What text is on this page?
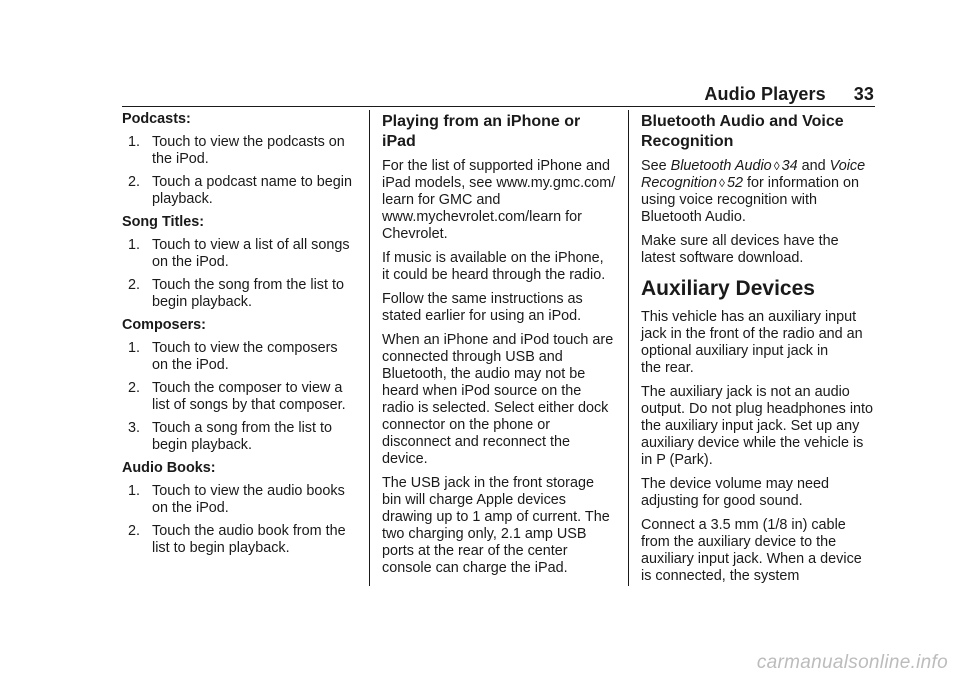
Audio Players 33
Podcasts:
1. Touch to view the podcasts on
the iPod.
2. Touch a podcast name to begin
playback.
Song Titles:
1. Touch to view a list of all songs
on the iPod.
2. Touch the song from the list to
begin playback.
Composers:
1. Touch to view the composers
on the iPod.
2. Touch the composer to view a
list of songs by that composer.
3. Touch a song from the list to
begin playback.
Audio Books:
1. Touch to view the audio books
on the iPod.
2. Touch the audio book from the
list to begin playback.
Playing from an iPhone or iPad

For the list of supported iPhone and
iPad models, see www.my.gmc.com/
learn for GMC and
www.mychevrolet.com/learn for
Chevrolet.

If music is available on the iPhone,
it could be heard through the radio.

Follow the same instructions as
stated earlier for using an iPod.

When an iPhone and iPod touch are
connected through USB and
Bluetooth, the audio may not be
heard when iPod source on the
radio is selected. Select either dock
connector on the phone or
disconnect and reconnect the
device.

The USB jack in the front storage
bin will charge Apple devices
drawing up to 1 amp of current. The
two charging only, 2.1 amp USB
ports at the rear of the center
console can charge the iPad.

Bluetooth Audio and Voice
Recognition

See Bluetooth Audio ◊ 34 and Voice
Recognition ◊ 52 for information on
using voice recognition with
Bluetooth Audio.

Make sure all devices have the
latest software download.

Auxiliary Devices

This vehicle has an auxiliary input
jack in the front of the radio and an
optional auxiliary input jack in
the rear.

The auxiliary jack is not an audio
output. Do not plug headphones into
the auxiliary input jack. Set up any
auxiliary device while the vehicle is
in P (Park).

The device volume may need
adjusting for good sound.

Connect a 3.5 mm (1/8 in) cable
from the auxiliary device to the
auxiliary input jack. When a device
is connected, the system

carmanualsonline.info
